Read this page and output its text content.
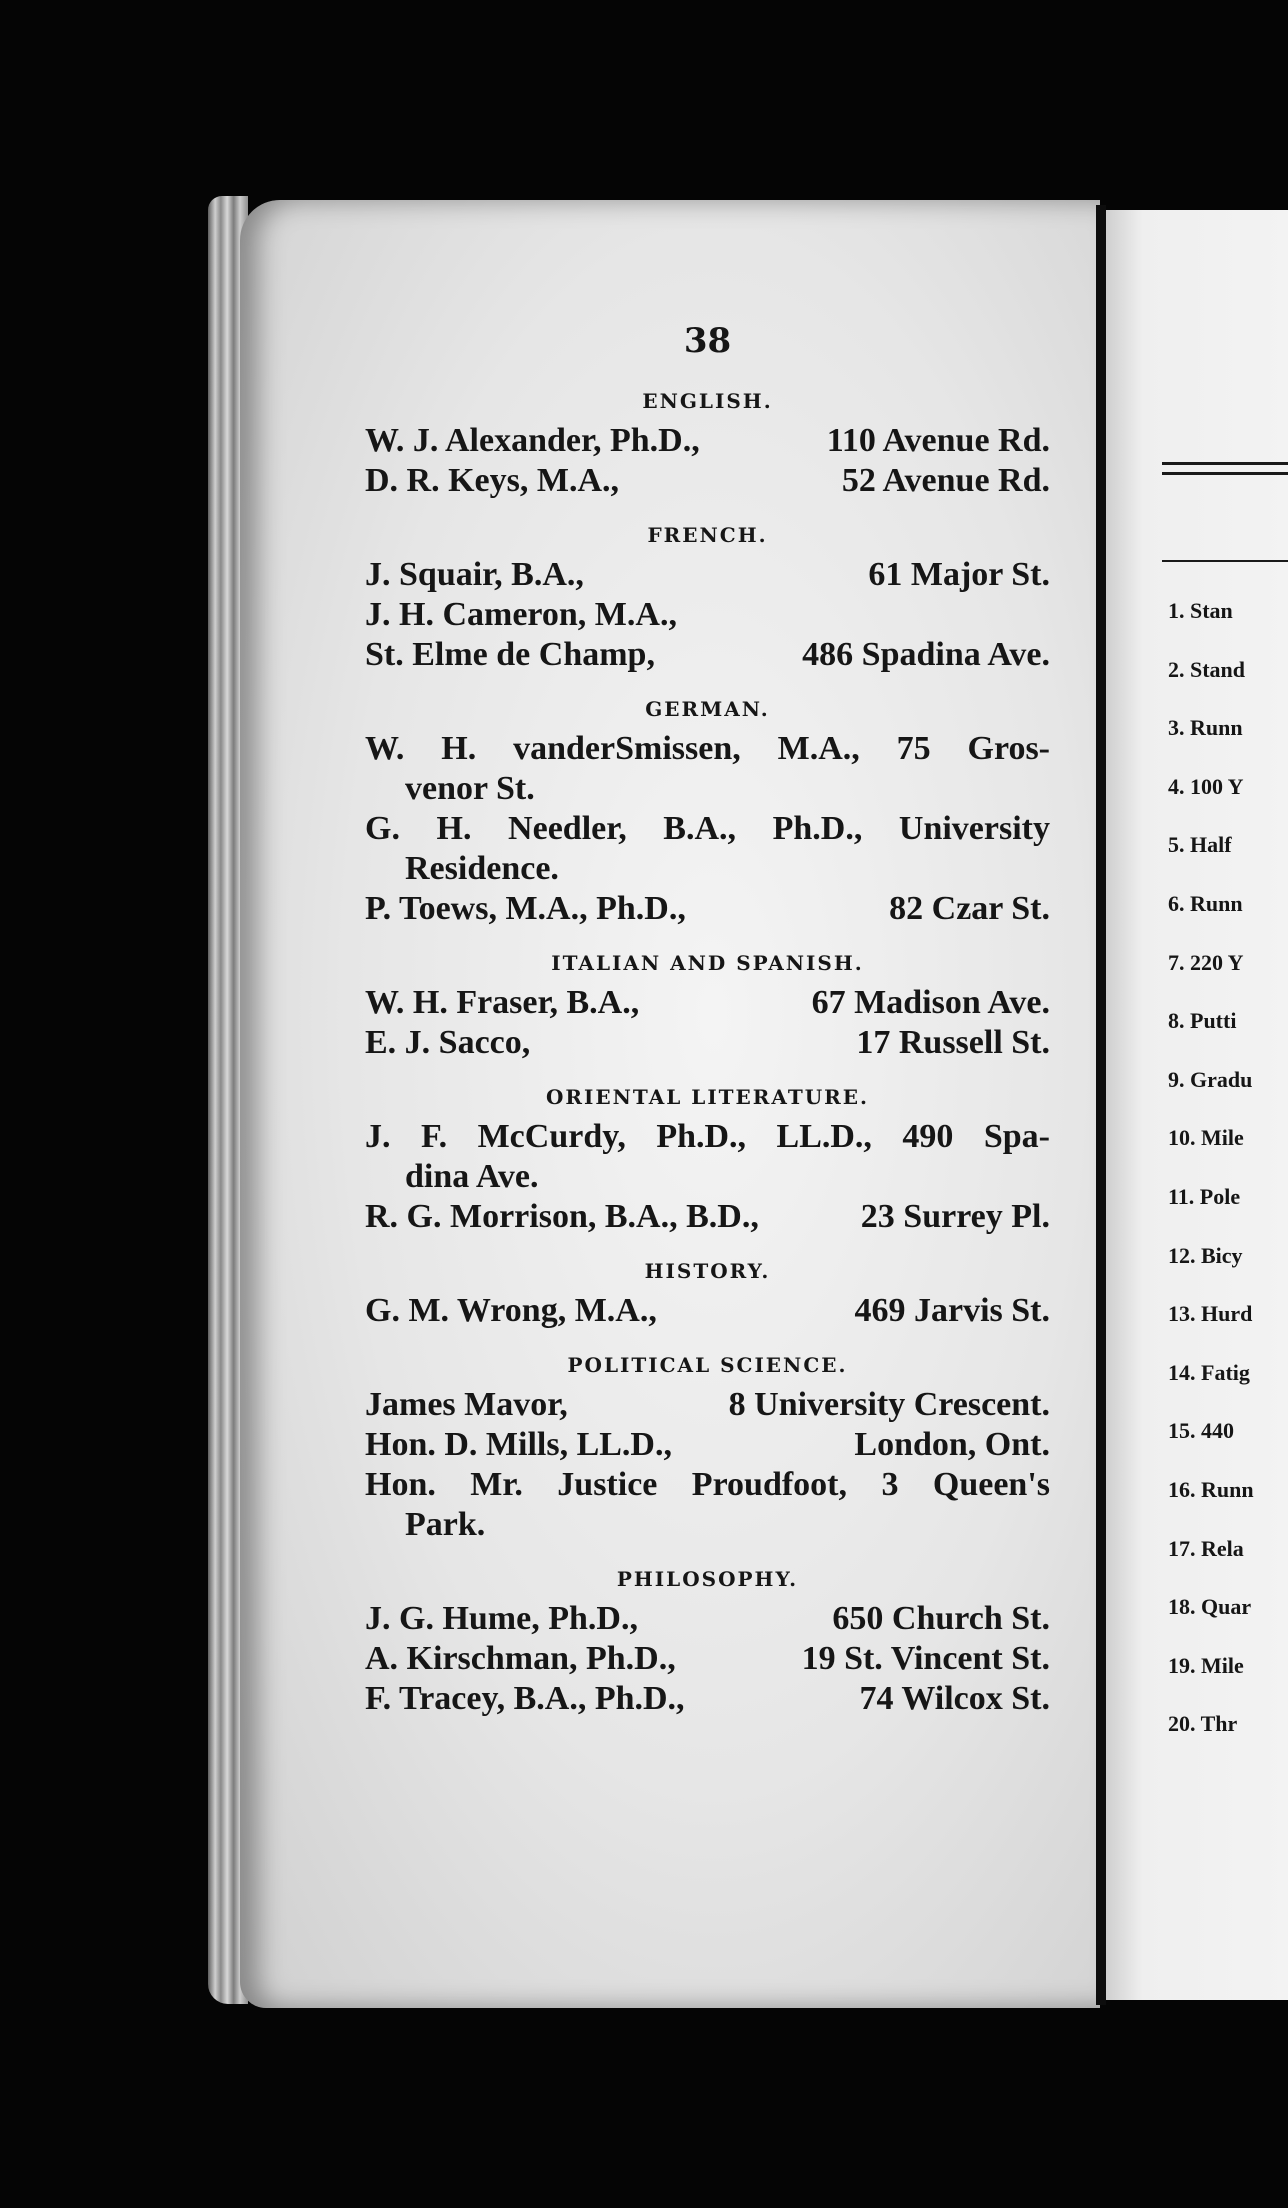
1. Stan
2. Stand
3. Runn
4. 100 Y
5. Half
6. Runn
7. 220 Y
8. Putti
9. Gradu
10. Mile
11. Pole
12. Bicy
13. Hurd
14. Fatig
15. 440
16. Runn
17. Rela
18. Quar
19. Mile
20. Thr
38
ENGLISH.
W. J. Alexander, Ph.D.,	110 Avenue Rd.
D. R. Keys, M.A.,	52 Avenue Rd.
FRENCH.
J. Squair, B.A.,	61 Major St.
J. H. Cameron, M.A.,
St. Elme de Champ,	486 Spadina Ave.
GERMAN.
W. H. vanderSmissen, M.A., 75 Gros-
venor St.
G. H. Needler, B.A., Ph.D., University
Residence.
P. Toews, M.A., Ph.D.,	82 Czar St.
ITALIAN AND SPANISH.
W. H. Fraser, B.A.,	67 Madison Ave.
E. J. Sacco,	17 Russell St.
ORIENTAL LITERATURE.
J. F. McCurdy, Ph.D., LL.D., 490 Spa-
dina Ave.
R. G. Morrison, B.A., B.D.,	23 Surrey Pl.
HISTORY.
G. M. Wrong, M.A.,	469 Jarvis St.
POLITICAL SCIENCE.
James Mavor,	8 University Crescent.
Hon. D. Mills, LL.D.,	London, Ont.
Hon. Mr. Justice Proudfoot, 3 Queen's
Park.
PHILOSOPHY.
J. G. Hume, Ph.D.,	650 Church St.
A. Kirschman, Ph.D.,	19 St. Vincent St.
F. Tracey, B.A., Ph.D.,	74 Wilcox St.
